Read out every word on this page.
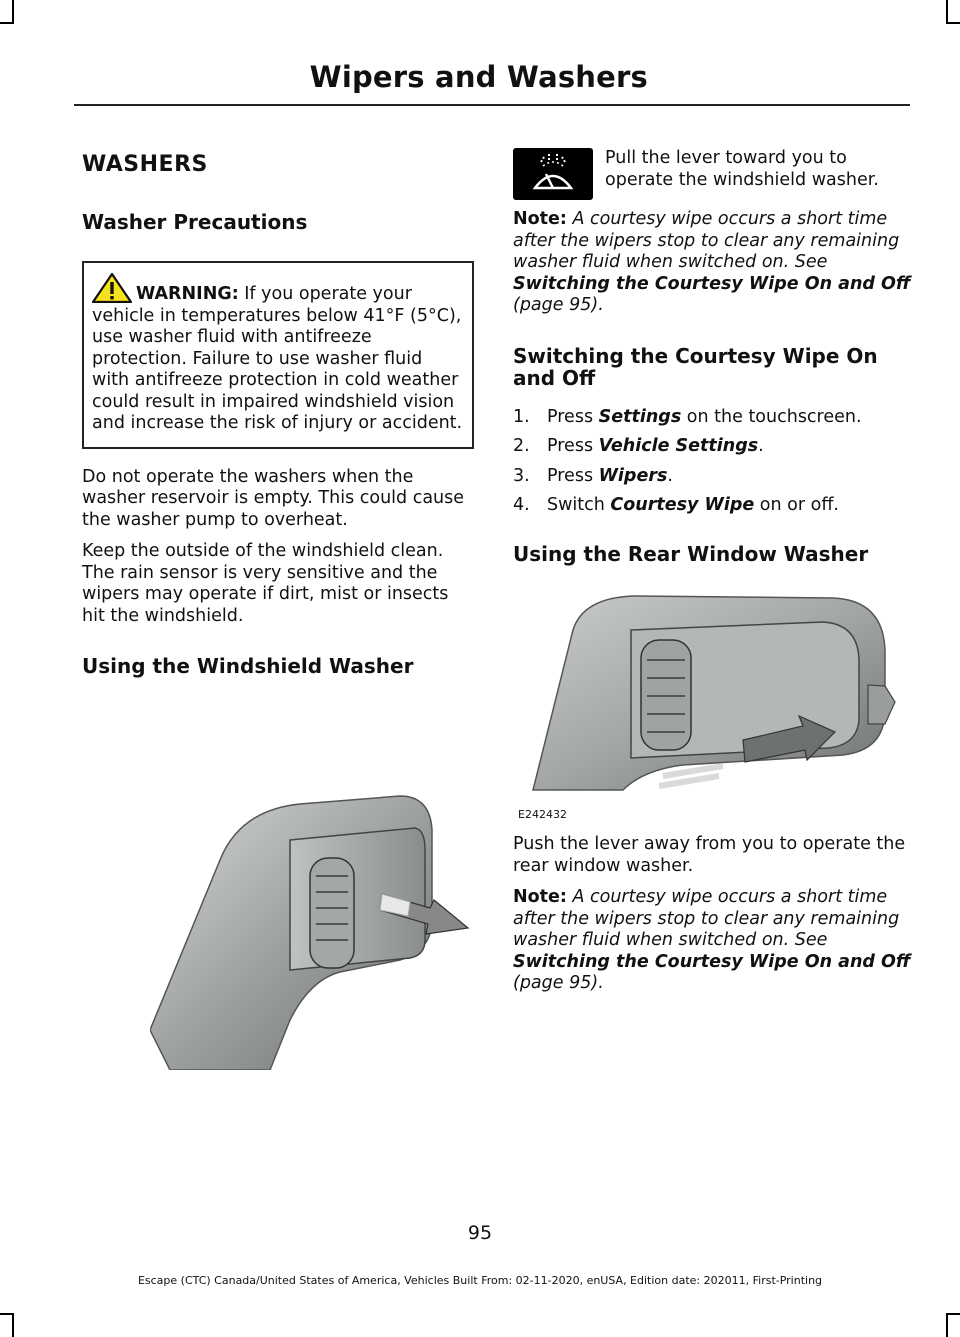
Wipers and Washers
WASHERS
Washer Precautions

WARNING: If you operate your vehicle in temperatures below 41°F (5°C), use washer fluid with antifreeze protection. Failure to use washer fluid with antifreeze protection in cold weather could result in impaired windshield vision and increase the risk of injury or accident.

Do not operate the washers when the washer reservoir is empty. This could cause the washer pump to overheat.

Keep the outside of the windshield clean. The rain sensor is very sensitive and the wipers may operate if dirt, mist or insects hit the windshield.

Using the Windshield Washer

Pull the lever toward you to operate the windshield washer.

Note: A courtesy wipe occurs a short time after the wipers stop to clear any remaining washer fluid when switched on. See Switching the Courtesy Wipe On and Off (page 95).

Switching the Courtesy Wipe On and Off

1. Press Settings on the touchscreen.

2. Press Vehicle Settings.

3. Press Wipers.

4. Switch Courtesy Wipe on or off.

Using the Rear Window Washer
E242432

Push the lever away from you to operate the rear window washer.

Note: A courtesy wipe occurs a short time after the wipers stop to clear any remaining washer fluid when switched on. See Switching the Courtesy Wipe On and Off (page 95).

95
Escape (CTC) Canada/United States of America, Vehicles Built From: 02-11-2020, enUSA, Edition date: 202011, First-Printing
